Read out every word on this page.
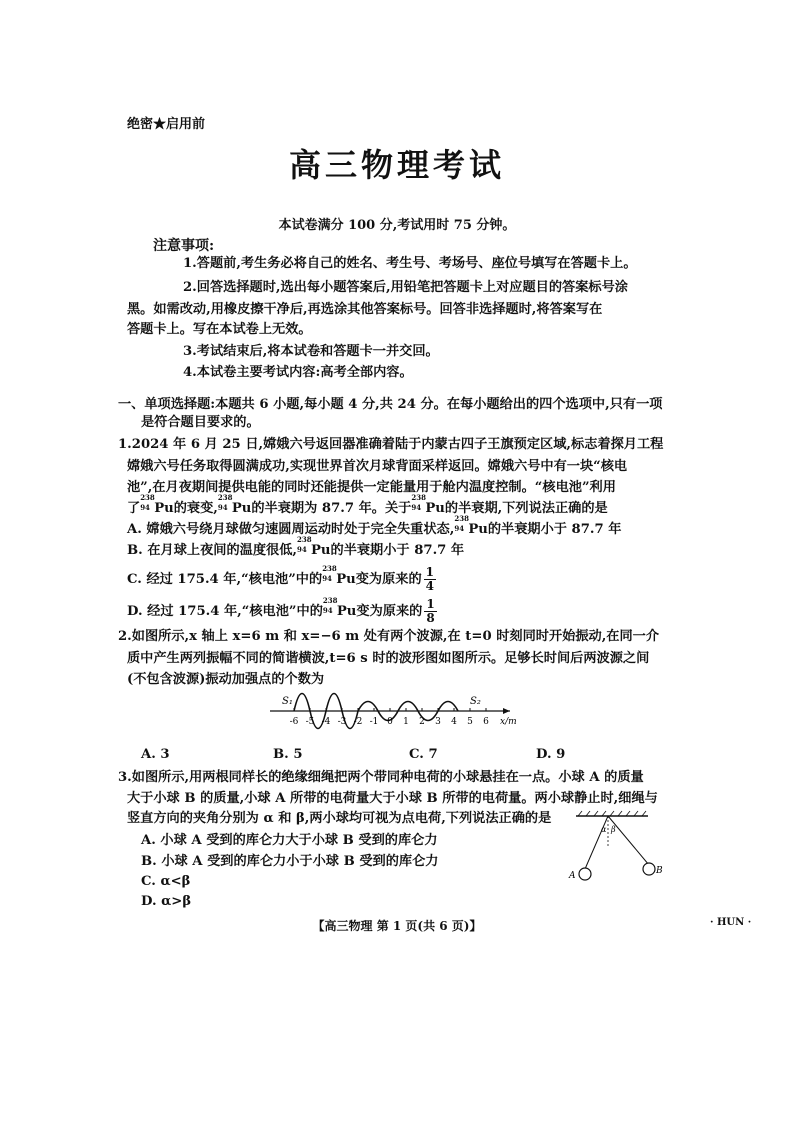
绝密★启用前
高三物理考试
本试卷满分 100 分,考试用时 75 分钟。
注意事项:
1.答题前,考生务必将自己的姓名、考生号、考场号、座位号填写在答题卡上。
2.回答选择题时,选出每小题答案后,用铅笔把答题卡上对应题目的答案标号涂
黑。如需改动,用橡皮擦干净后,再选涂其他答案标号。回答非选择题时,将答案写在
答题卡上。写在本试卷上无效。
3.考试结束后,将本试卷和答题卡一并交回。
4.本试卷主要考试内容:高考全部内容。
一、单项选择题:本题共 6 小题,每小题 4 分,共 24 分。在每小题给出的四个选项中,只有一项
是符合题目要求的。
1.2024 年 6 月 25 日,嫦娥六号返回器准确着陆于内蒙古四子王旗预定区域,标志着探月工程
嫦娥六号任务取得圆满成功,实现世界首次月球背面采样返回。嫦娥六号中有一块“核电
池”,在月夜期间提供电能的同时还能提供一定能量用于舱内温度控制。“核电池”利用
了
238
94 Pu的衰变,
238
94 Pu的半衰期为 87.7 年。关于
238
94 Pu的半衰期,下列说法正确的是
A. 嫦娥六号绕月球做匀速圆周运动时处于完全失重状态,
238
94 Pu的半衰期小于 87.7 年
B. 在月球上夜间的温度很低,
238
94 Pu的半衰期小于 87.7 年
C. 经过 175.4 年,“核电池”中的
238
94 Pu变为原来的 $\frac{1}{4}$
D. 经过 175.4 年,“核电池”中的
238
94 Pu变为原来的 $\frac{1}{8}$
2.如图所示,x 轴上 x=6 m 和 x=−6 m 处有两个波源,在 t=0 时刻同时开始振动,在同一介
质中产生两列振幅不同的简谐横波,t=6 s 时的波形图如图所示。足够长时间后两波源之间
(不包含波源)振动加强点的个数为
-6 -5 -4 -3 -2 -1 0 1 2 3 4 5 6
S₁	S₂
x/m
A. 3	B. 5	C. 7	D. 9
3.如图所示,用两根同样长的绝缘细绳把两个带同种电荷的小球悬挂在一点。小球 A 的质量
大于小球 B 的质量,小球 A 所带的电荷量大于小球 B 所带的电荷量。两小球静止时,细绳与
竖直方向的夹角分别为 α 和 β,两小球均可视为点电荷,下列说法正确的是
A. 小球 A 受到的库仑力大于小球 B 受到的库仑力
B. 小球 A 受到的库仑力小于小球 B 受到的库仑力
C. α<β
D. α>β
α β
A	B
【高三物理 第 1 页(共 6 页)】	· HUN ·
